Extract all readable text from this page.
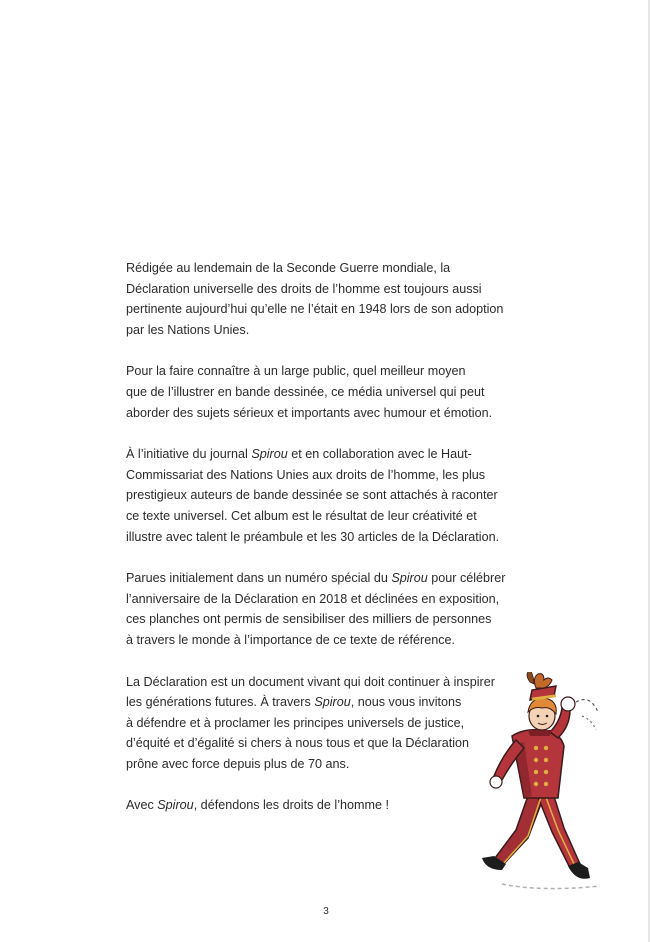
Rédigée au lendemain de la Seconde Guerre mondiale, la
Déclaration universelle des droits de l’homme est toujours aussi
pertinente aujourd’hui qu’elle ne l’était en 1948 lors de son adoption
par les Nations Unies.

Pour la faire connaître à un large public, quel meilleur moyen
que de l’illustrer en bande dessinée, ce média universel qui peut
aborder des sujets sérieux et importants avec humour et émotion.

À l’initiative du journal Spirou et en collaboration avec le Haut-
Commissariat des Nations Unies aux droits de l’homme, les plus
prestigieux auteurs de bande dessinée se sont attachés à raconter
ce texte universel. Cet album est le résultat de leur créativité et
illustre avec talent le préambule et les 30 articles de la Déclaration.

Parues initialement dans un numéro spécial du Spirou pour célébrer
l’anniversaire de la Déclaration en 2018 et déclinées en exposition,
ces planches ont permis de sensibiliser des milliers de personnes
à travers le monde à l’importance de ce texte de référence.

La Déclaration est un document vivant qui doit continuer à inspirer
les générations futures. À travers Spirou, nous vous invitons
à défendre et à proclamer les principes universels de justice,
d’équité et d’égalité si chers à nous tous et que la Déclaration
prône avec force depuis plus de 70 ans.

Avec Spirou, défendons les droits de l’homme !

3
